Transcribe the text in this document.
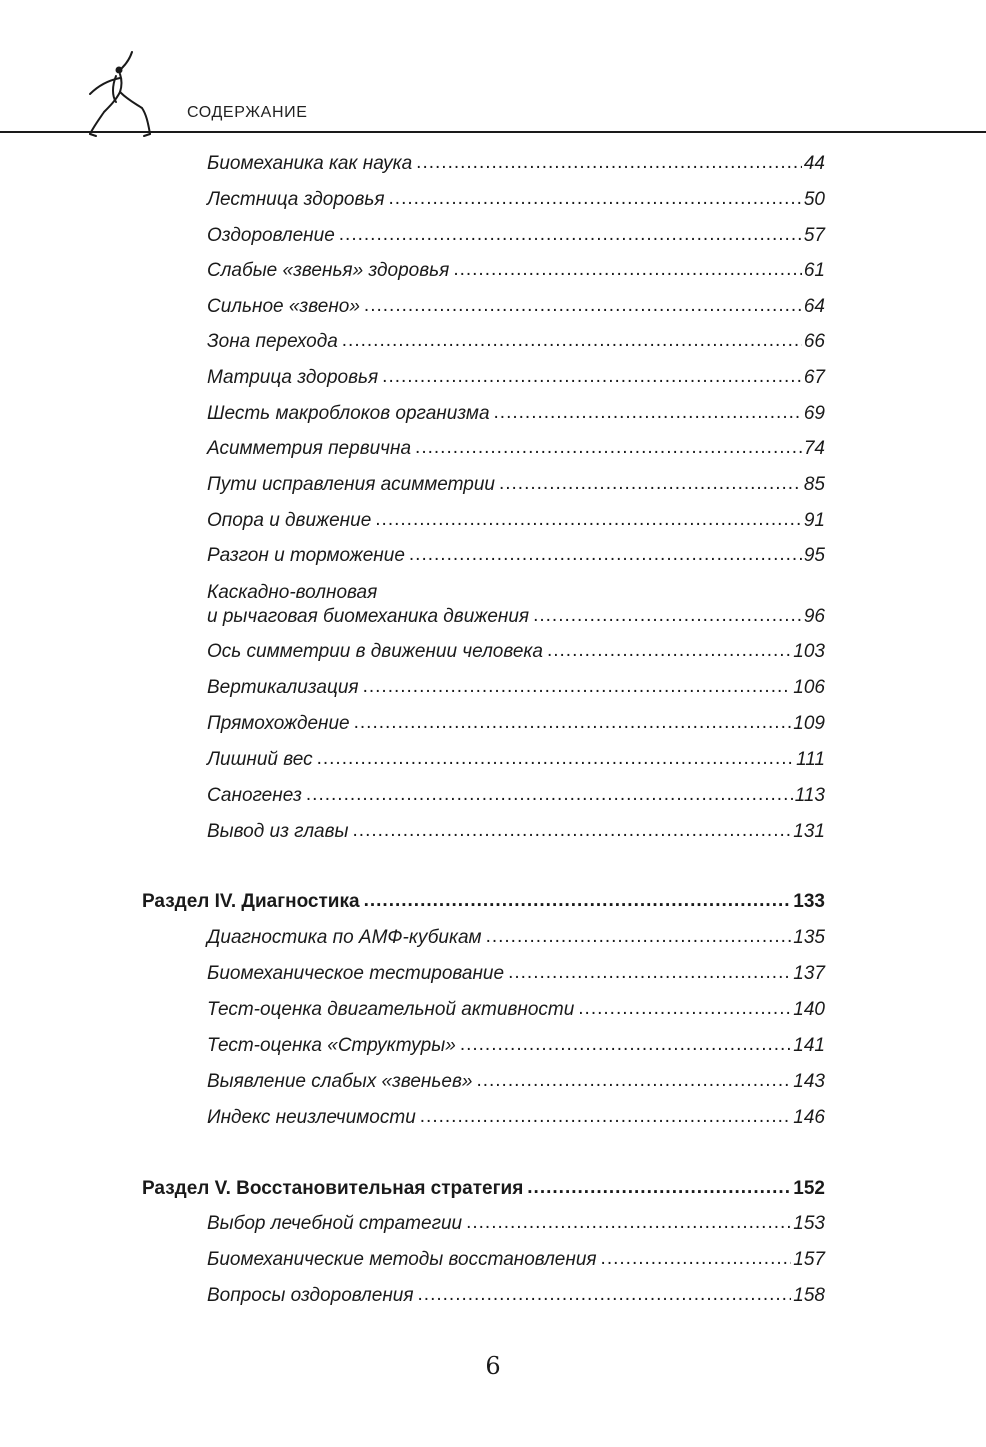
СОДЕРЖАНИЕ
Биомеханика как наука .....	44
Лестница здоровья .....	50
Оздоровление .....	57
Слабые «звенья» здоровья .....	61
Сильное «звено» .....	64
Зона перехода .....	66
Матрица здоровья .....	67
Шесть макроблоков организма .....	69
Асимметрия первична .....	74
Пути исправления асимметрии .....	85
Опора и движение .....	91
Разгон и торможение .....	95
Каскадно-волновая
и рычаговая биомеханика движения .....	96
Ось симметрии в движении человека .....	103
Вертикализация .....	106
Прямохождение .....	109
Лишний вес .....	111
Саногенез .....	113
Вывод из главы .....	131
Раздел IV. Диагностика .....	133
Диагностика по АМФ-кубикам .....	135
Биомеханическое тестирование .....	137
Тест-оценка двигательной активности .....	140
Тест-оценка «Структуры» .....	141
Выявление слабых «звеньев» .....	143
Индекс неизлечимости .....	146
Раздел V. Восстановительная стратегия .....	152
Выбор лечебной стратегии .....	153
Биомеханические методы восстановления .....	157
Вопросы оздоровления .....	158
6
